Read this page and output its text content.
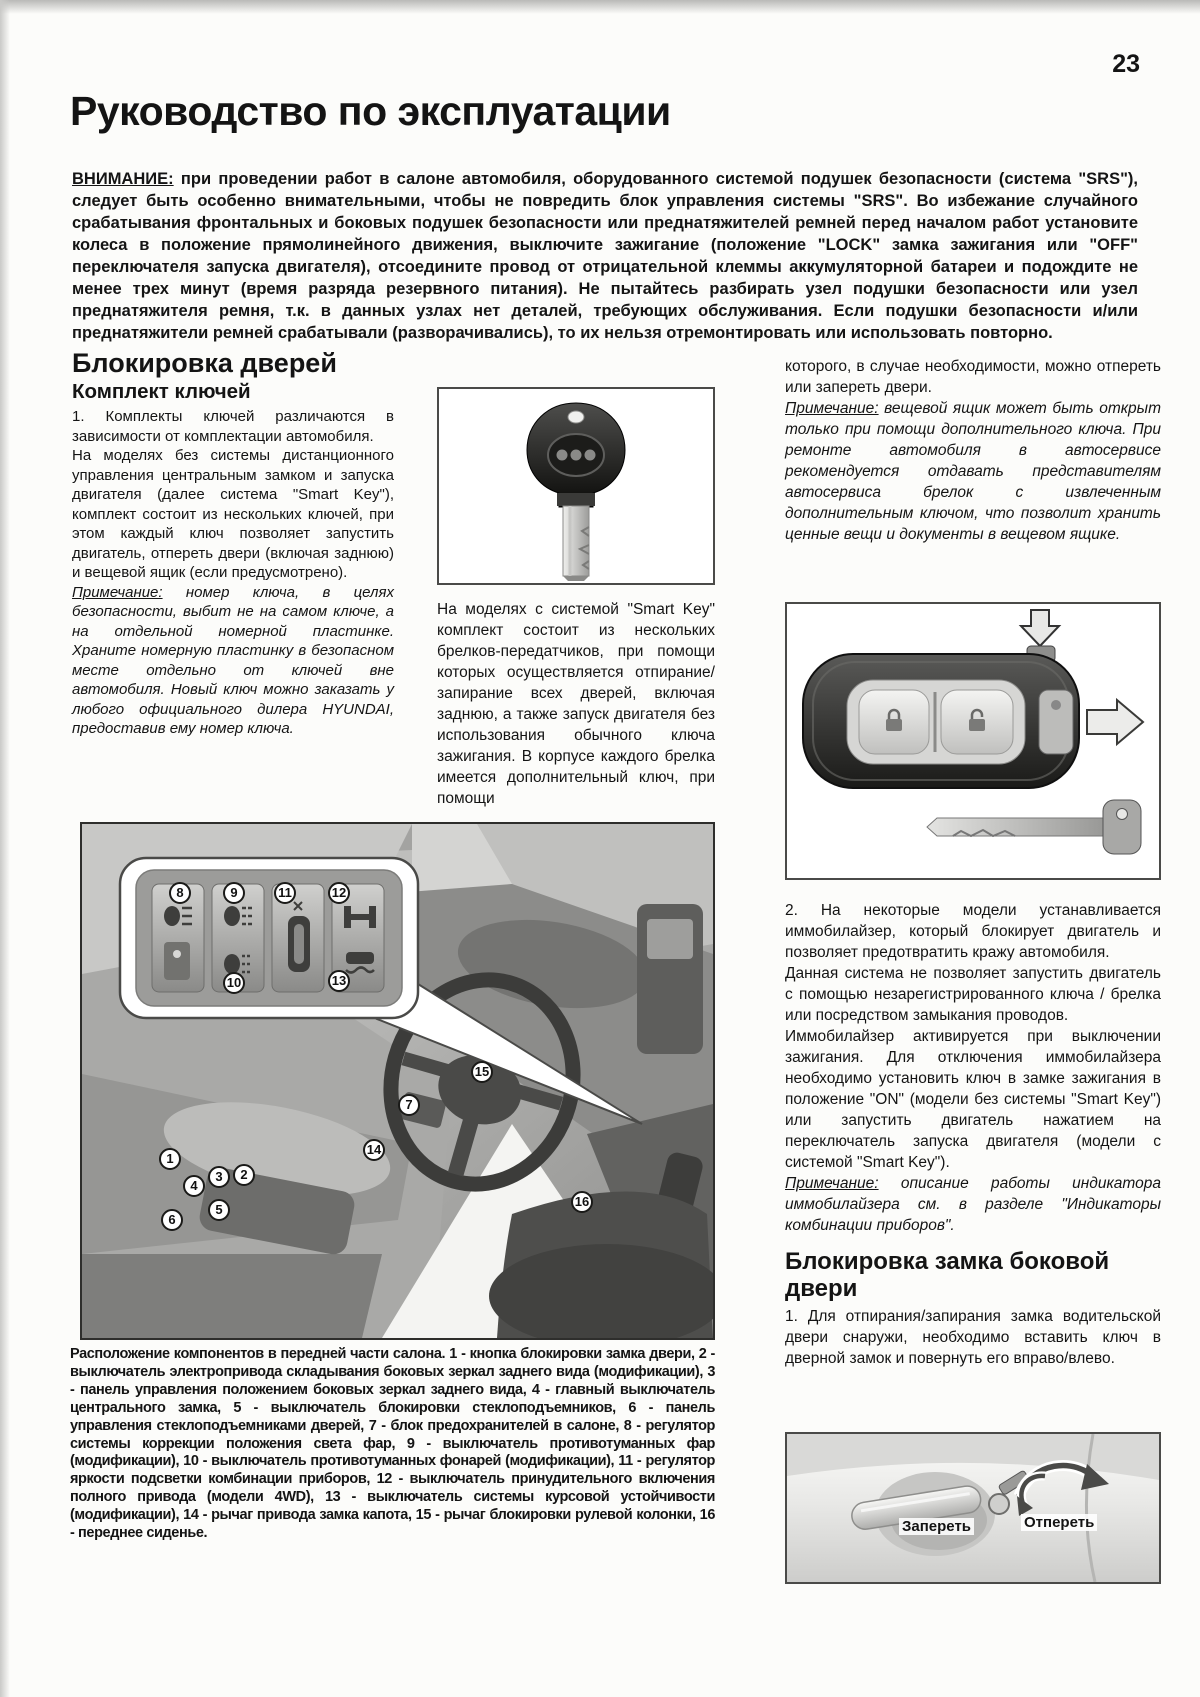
23
Руководство по эксплуатации
ВНИМАНИЕ: при проведении работ в салоне автомобиля, оборудованного системой подушек безопасности (система "SRS"), следует быть особенно внимательными, чтобы не повредить блок управления системы "SRS". Во избежание случайного срабатывания фронтальных и боковых подушек безопасности или преднатяжителей ремней перед началом работ установите колеса в положение прямолинейного движения, выключите зажигание (положение "LOCK" замка зажигания или "OFF" переключателя запуска двигателя), отсоедините провод от отрицательной клеммы аккумуляторной батареи и подождите не менее трех минут (время разряда резервного питания). Не пытайтесь разбирать узел подушки безопасности или узел преднатяжителя ремня, т.к. в данных узлах нет деталей, требующих обслуживания. Если подушки безопасности и/или преднатяжители ремней срабатывали (разворачивались), то их нельзя отремонтировать или использовать повторно.
Блокировка дверей
Комплект ключей

1. Комплекты ключей различаются в зависимости от комплектации автомобиля.

На моделях без системы дистанционного управления центральным замком и запуска двигателя (далее система "Smart Key"), комплект состоит из нескольких ключей, при этом каждый ключ позволяет запустить двигатель, отпереть двери (включая заднюю) и вещевой ящик (если предусмотрено).

Примечание: номер ключа, в целях безопасности, выбит не на самом ключе, а на отдельной номерной пластинке. Храните номерную пластинку в безопасном месте отдельно от ключей вне автомобиля. Новый ключ можно заказать у любого официального дилера HYUNDAI, предоставив ему номер ключа.

На моделях с системой "Smart Key" комплект состоит из нескольких брелков-передатчиков, при помощи которых осуществляется отпирание/запирание всех дверей, включая заднюю, а также запуск двигателя без использования обычного ключа зажигания. В корпусе каждого брелка имеется дополнительный ключ, при помощи

которого, в случае необходимости, можно отпереть или запереть двери.

Примечание: вещевой ящик может быть открыт только при помощи дополнительного ключа. При ремонте автомобиля в автосервисе рекомендуется отдавать представителям автосервиса брелок с извлеченным дополнительным ключом, что позволит хранить ценные вещи и документы в вещевом ящике.

2. На некоторые модели устанавливается иммобилайзер, который блокирует двигатель и позволяет предотвратить кражу автомобиля.

Данная система не позволяет запустить двигатель с помощью незарегистрированного ключа / брелка или посредством замыкания проводов.

Иммобилайзер активируется при выключении зажигания. Для отключения иммобилайзера необходимо установить ключ в замке зажигания в положение "ON" (модели без системы "Smart Key") или запустить двигатель нажатием на переключатель запуска двигателя (модели с системой "Smart Key").

Примечание: описание работы индикатора иммобилайзера см. в разделе "Индикаторы комбинации приборов".

Блокировка замка боковой двери

1. Для отпирания/запирания замка водительской двери снаружи, необходимо вставить ключ в дверной замок и повернуть его вправо/влево.

8	9	11	12
10	13
1
2
3
4
5
6
7
14
15
16
Расположение компонентов в передней части салона. 1 - кнопка блокировки замка двери, 2 - выключатель электропривода складывания боковых зеркал заднего вида (модификации), 3 - панель управления положением боковых зеркал заднего вида, 4 - главный выключатель центрального замка, 5 - выключатель блокировки стеклоподъемников, 6 - панель управления стеклоподъемниками дверей, 7 - блок предохранителей в салоне, 8 - регулятор системы коррекции положения света фар, 9 - выключатель противотуманных фар (модификации), 10 - выключатель противотуманных фонарей (модификации), 11 - регулятор яркости подсветки комбинации приборов, 12 - выключатель принудительного включения полного привода (модели 4WD), 13 - выключатель системы курсовой устойчивости (модификации), 14 - рычаг привода замка капота, 15 - рычаг блокировки рулевой колонки, 16 - переднее сиденье.	Запереть	Отпереть
